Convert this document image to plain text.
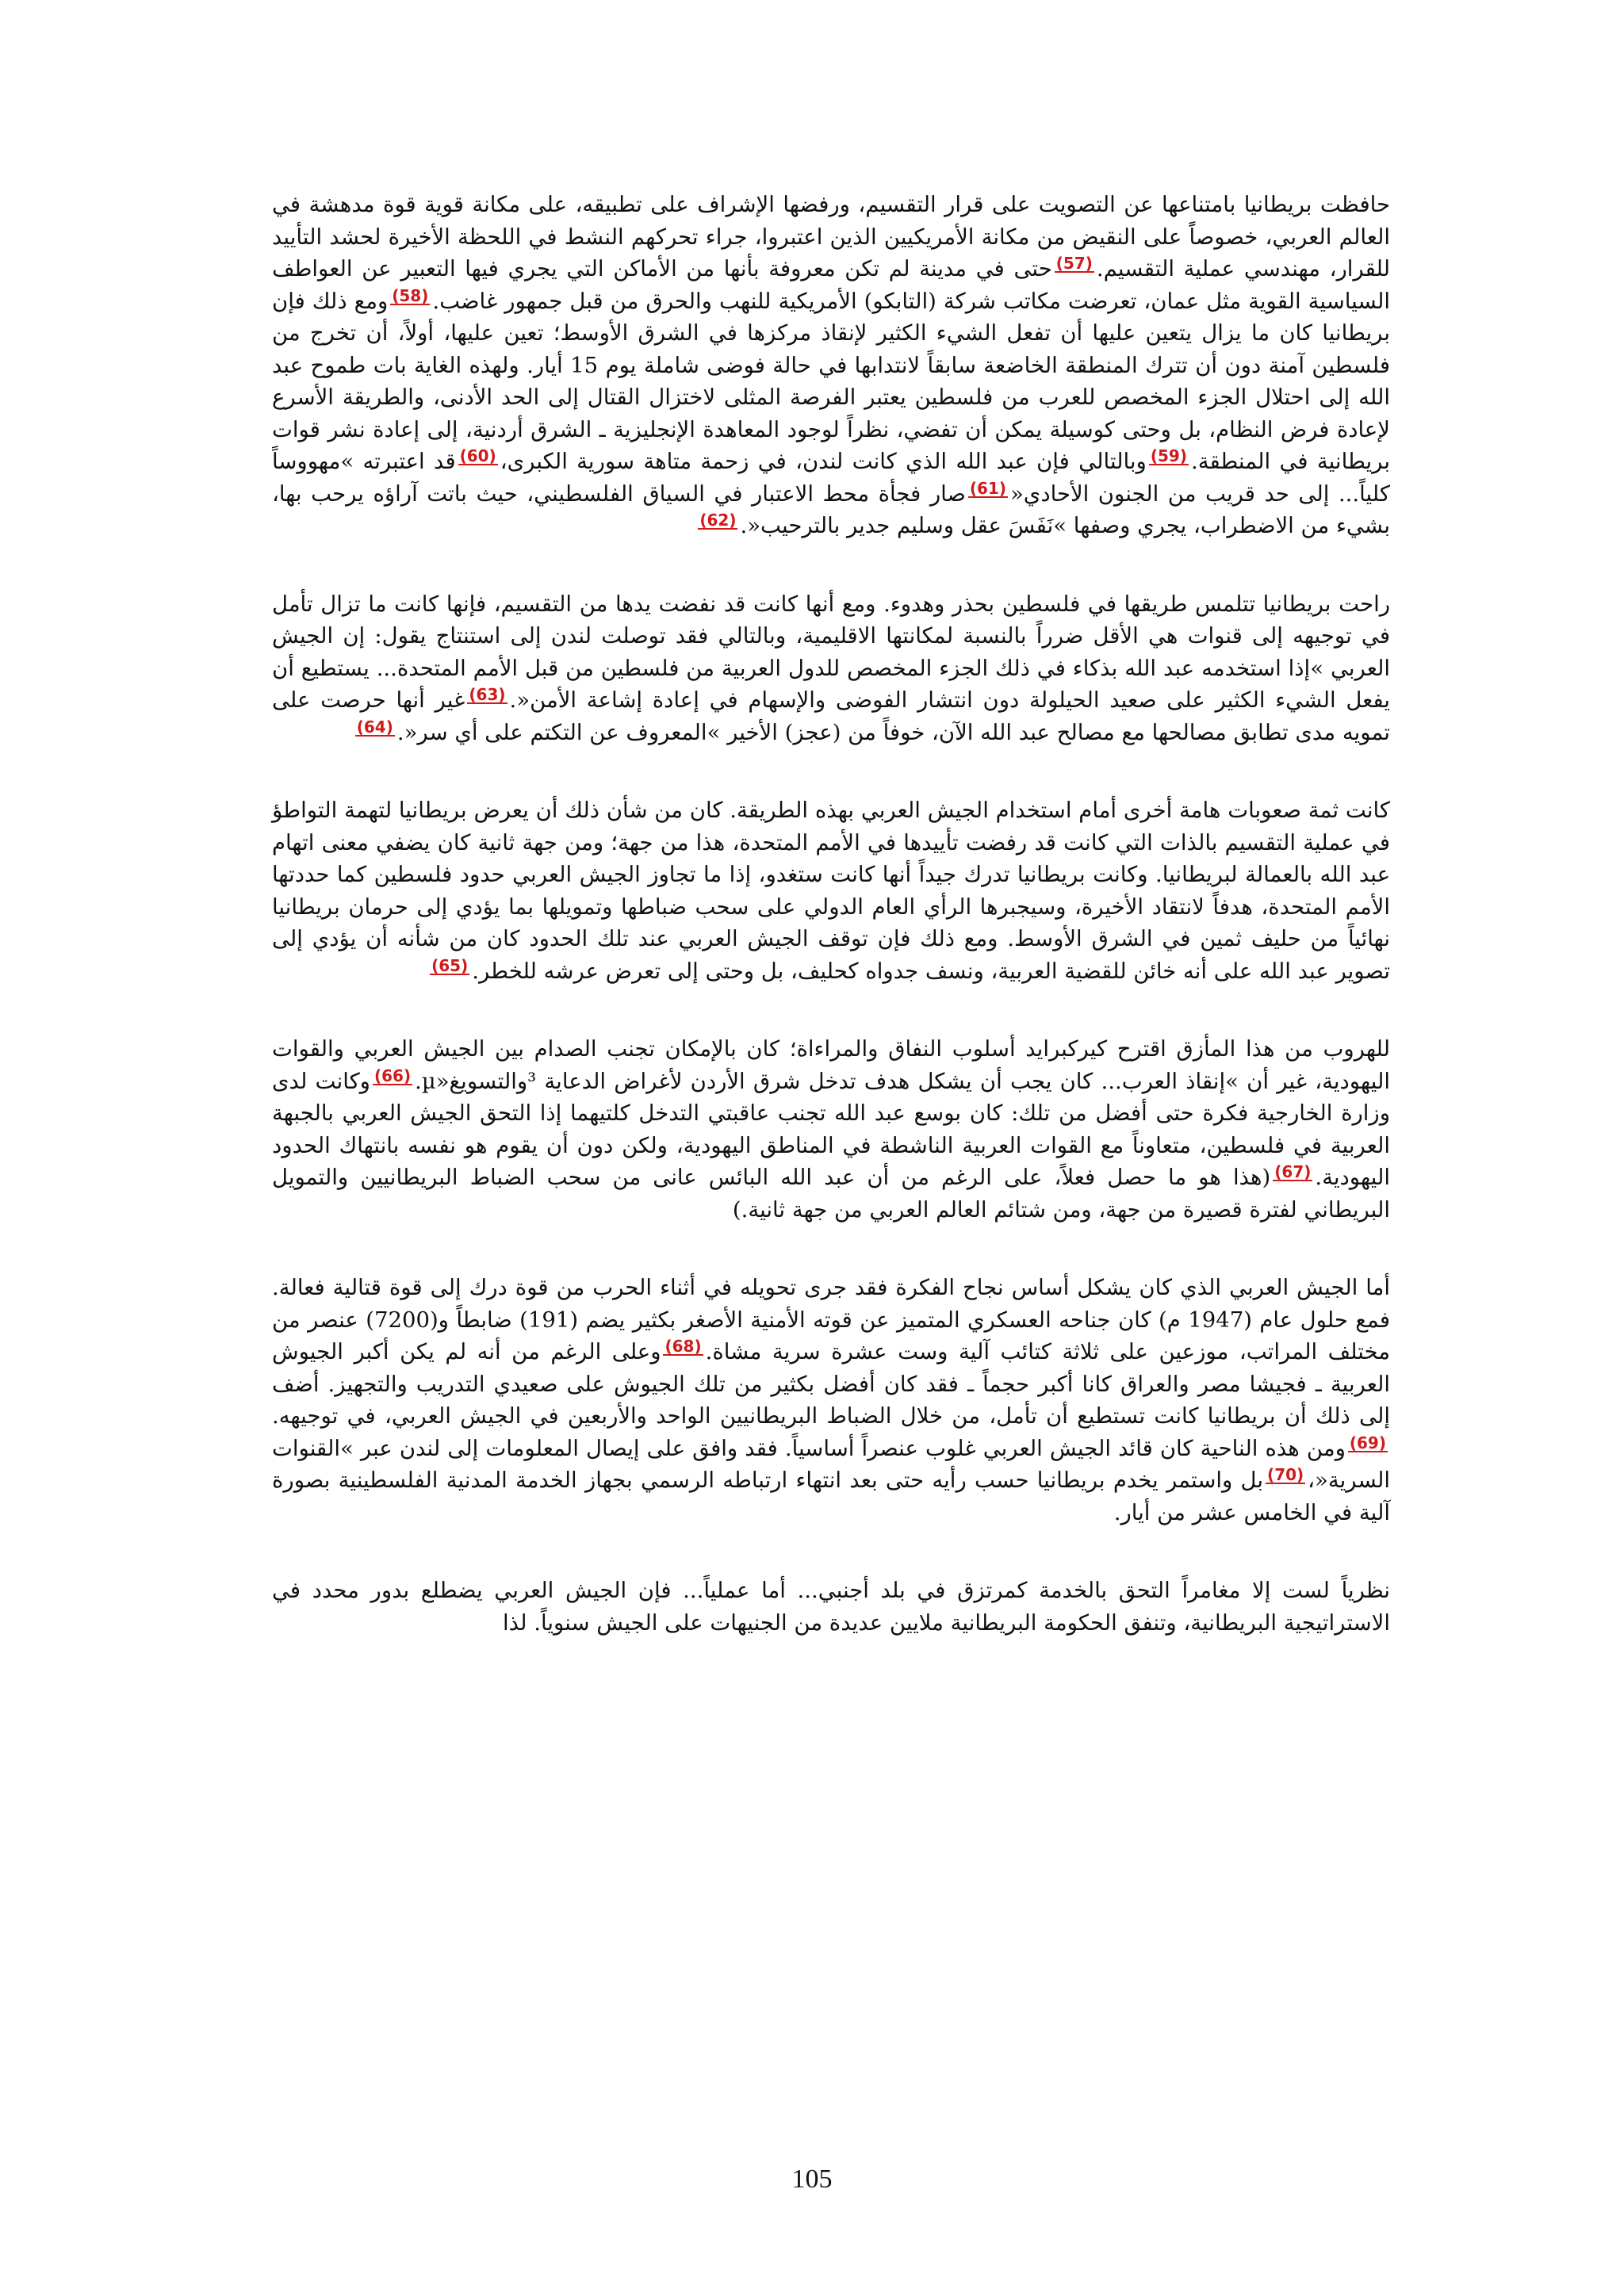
حافظت بريطانيا بامتناعها عن التصويت على قرار التقسيم، ورفضها الإشراف على تطبيقه، على مكانة قوية قوة مدهشة في العالم العربي، خصوصاًً على النقيض من مكانة الأمريكيين الذين اعتبروا، جراء تحركهم النشط في اللحظة الأخيرة لحشد التأييد للقرار، مهندسي عملية التقسيم.(57)حتى في مدينة لم تكن معروفة بأنها من الأماكن التي يجري فيها التعبير عن العواطف السياسية القوية مثل عمان، تعرضت مكاتب شركة (التابكو) الأمريكية للنهب والحرق من قبل جمهور غاضب.(58)ومع ذلك فإن بريطانيا كان ما يزال يتعين عليها أن تفعل الشيء الكثير لإنقاذ مركزها في الشرق الأوسط؛ تعين عليها، أولاً، أن تخرج من فلسطين آمنة دون أن تترك المنطقة الخاضعة سابقاً لانتدابها في حالة فوضى شاملة يوم 15 أيار. ولهذه الغاية بات طموح عبد الله إلى احتلال الجزء المخصص للعرب من فلسطين يعتبر الفرصة المثلى لاختزال القتال إلى الحد الأدنى، والطريقة الأسرع لإعادة فرض النظام، بل وحتى كوسيلة يمكن أن تفضي، نظراً لوجود المعاهدة الإنجليزية ـ الشرق أردنية، إلى إعادة نشر قوات بريطانية في المنطقة.(59)وبالتالي فإن عبد الله الذي كانت لندن، في زحمة متاهة سورية الكبرى،(60)قد اعتبرته »مهووساً كلياً... إلى حد قريب من الجنون الأحادي«(61)صار فجأة محط الاعتبار في السياق الفلسطيني، حيث باتت آراؤه يرحب بها، بشيء من الاضطراب، يجري وصفها »نَفَسَ عقل وسليم جدير بالترحيب«.(62)

راحت بريطانيا تتلمس طريقها في فلسطين بحذر وهدوء. ومع أنها كانت قد نفضت يدها من التقسيم، فإنها كانت ما تزال تأمل في توجيهه إلى قنوات هي الأقل ضرراً بالنسبة لمكانتها الاقليمية، وبالتالي فقد توصلت لندن إلى استنتاج يقول: إن الجيش العربي »إذا استخدمه عبد الله بذكاء في ذلك الجزء المخصص للدول العربية من فلسطين من قبل الأمم المتحدة... يستطيع أن يفعل الشيء الكثير على صعيد الحيلولة دون انتشار الفوضى والإسهام في إعادة إشاعة الأمن«.(63)غير أنها حرصت على تمويه مدى تطابق مصالحها مع مصالح عبد الله الآن، خوفاً من (عجز) الأخير »المعروف عن التكتم على أي سر«.(64)

كانت ثمة صعوبات هامة أخرى أمام استخدام الجيش العربي بهذه الطريقة. كان من شأن ذلك أن يعرض بريطانيا لتهمة التواطؤ في عملية التقسيم بالذات التي كانت قد رفضت تأييدها في الأمم المتحدة، هذا من جهة؛ ومن جهة ثانية كان يضفي معنى اتهام عبد الله بالعمالة لبريطانيا. وكانت بريطانيا تدرك جيداً أنها كانت ستغدو، إذا ما تجاوز الجيش العربي حدود فلسطين كما حددتها الأمم المتحدة، هدفاً لانتقاد الأخيرة، وسيجبرها الرأي العام الدولي على سحب ضباطها وتمويلها بما يؤدي إلى حرمان بريطانيا نهائياً من حليف ثمين في الشرق الأوسط. ومع ذلك فإن توقف الجيش العربي عند تلك الحدود كان من شأنه أن يؤدي إلى تصوير عبد الله على أنه خائن للقضية العربية، ونسف جدواه كحليف، بل وحتى إلى تعرض عرشه للخطر.(65)

للهروب من هذا المأزق اقترح كيركبرايد أسلوب النفاق والمراءاة؛ كان بالإمكان تجنب الصدام بين الجيش العربي والقوات اليهودية، غير أن »إنقاذ العرب... كان يجب أن يشكل هدف تدخل شرق الأردن لأغراض الدعاية ³والتسويغ«µ.(66)وكانت لدى وزارة الخارجية فكرة حتى أفضل من تلك: كان بوسع عبد الله تجنب عاقبتي التدخل كلتيهما إذا التحق الجيش العربي بالجبهة العربية في فلسطين، متعاوناً مع القوات العربية الناشطة في المناطق اليهودية، ولكن دون أن يقوم هو نفسه بانتهاك الحدود اليهودية.(67)(هذا هو ما حصل فعلاً، على الرغم من أن عبد الله البائس عانى من سحب الضباط البريطانيين والتمويل البريطاني لفترة قصيرة من جهة، ومن شتائم العالم العربي من جهة ثانية.)

أما الجيش العربي الذي كان يشكل أساس نجاح الفكرة فقد جرى تحويله في أثناء الحرب من قوة درك إلى قوة قتالية فعالة. فمع حلول عام (1947 م) كان جناحه العسكري المتميز عن قوته الأمنية الأصغر بكثير يضم (191) ضابطاً و(7200) عنصر من مختلف المراتب، موزعين على ثلاثة كتائب آلية وست عشرة سرية مشاة.(68)وعلى الرغم من أنه لم يكن أكبر الجيوش العربية ـ فجيشا مصر والعراق كانا أكبر حجماً ـ فقد كان أفضل بكثير من تلك الجيوش على صعيدي التدريب والتجهيز. أضف إلى ذلك أن بريطانيا كانت تستطيع أن تأمل، من خلال الضباط البريطانيين الواحد والأربعين في الجيش العربي، في توجيهه.(69)ومن هذه الناحية كان قائد الجيش العربي غلوب عنصراً أساسياً. فقد وافق على إيصال المعلومات إلى لندن عبر »القنوات السرية«،(70)بل واستمر يخدم بريطانيا حسب رأيه حتى بعد انتهاء ارتباطه الرسمي بجهاز الخدمة المدنية الفلسطينية بصورة آلية في الخامس عشر من أيار.

نظرياً لست إلا مغامراً التحق بالخدمة كمرتزق في بلد أجنبي... أما عملياً... فإن الجيش العربي يضطلع بدور محدد في الاستراتيجية البريطانية، وتنفق الحكومة البريطانية ملايين عديدة من الجنيهات على الجيش سنوياً. لذا

105
